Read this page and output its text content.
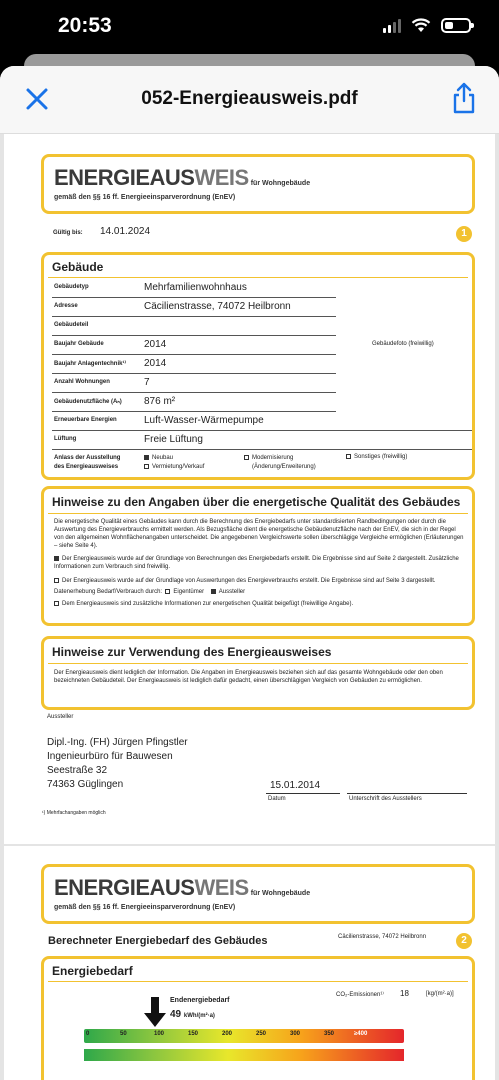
20:53
052-Energieausweis.pdf
ENERGIEAUSWEIS für Wohngebäude
gemäß den §§ 16 ff. Energieeinsparverordnung (EnEV)
Gültig bis: 14.01.2024	1
Gebäude
Gebäudetyp	Mehrfamilienwohnhaus
Adresse	Cäcilienstrasse, 74072 Heilbronn
Gebäudeteil
Baujahr Gebäude	2014
Baujahr Anlagentechnik¹⁾ 2014
Anzahl Wohnungen	7
Gebäudenutzfläche (Aₙ) 876 m²
Erneuerbare Energien	Luft-Wasser-Wärmepumpe
Lüftung	Freie Lüftung
Gebäudefoto (freiwillig)
Anlass der Ausstellung
des Energieausweises
Neubau
Vermietung/Verkauf
Modernisierung
(Änderung/Erweiterung)
Sonstiges (freiwillig)
Hinweise zu den Angaben über die energetische Qualität des Gebäudes
Die energetische Qualität eines Gebäudes kann durch die Berechnung des Energiebedarfs unter standardisierten Randbedingungen oder durch die Auswertung des Energieverbrauchs ermittelt werden. Als Bezugsfläche dient die energetische Gebäudenutzfläche nach der EnEV, die sich in der Regel von den allgemeinen Wohnflächenangaben unterscheidet. Die angegebenen Vergleichswerte sollen überschlägige Vergleiche ermöglichen (Erläuterungen – siehe Seite 4).
Der Energieausweis wurde auf der Grundlage von Berechnungen des Energiebedarfs erstellt. Die Ergebnisse sind auf Seite 2 dargestellt. Zusätzliche Informationen zum Verbrauch sind freiwillig.
Der Energieausweis wurde auf der Grundlage von Auswertungen des Energieverbrauchs erstellt. Die Ergebnisse sind auf Seite 3 dargestellt.
Datenerhebung Bedarf/Verbrauch durch: Eigentümer Aussteller
Dem Energieausweis sind zusätzliche Informationen zur energetischen Qualität beigefügt (freiwillige Angabe).
Hinweise zur Verwendung des Energieausweises
Der Energieausweis dient lediglich der Information. Die Angaben im Energieausweis beziehen sich auf das gesamte Wohngebäude oder den oben bezeichneten Gebäudeteil. Der Energieausweis ist lediglich dafür gedacht, einen überschlägigen Vergleich von Gebäuden zu ermöglichen.
Aussteller
Dipl.-Ing. (FH) Jürgen Pfingstler
Ingenieurbüro für Bauwesen
Seestraße 32
74363 Güglingen	15.01.2014
Datum	Unterschrift des Ausstellers
¹) Mehrfachangaben möglich
ENERGIEAUSWEIS für Wohngebäude
gemäß den §§ 16 ff. Energieeinsparverordnung (EnEV)
Berechneter Energiebedarf des Gebäudes	Cäcilienstrasse, 74072 Heilbronn	2
Energiebedarf
CO₂-Emissionen¹⁾ 18	[kg/(m²·a)]
Endenergiebedarf
49 kWh/(m²·a)
0	50	100	150	200	250	300	350	≥400
